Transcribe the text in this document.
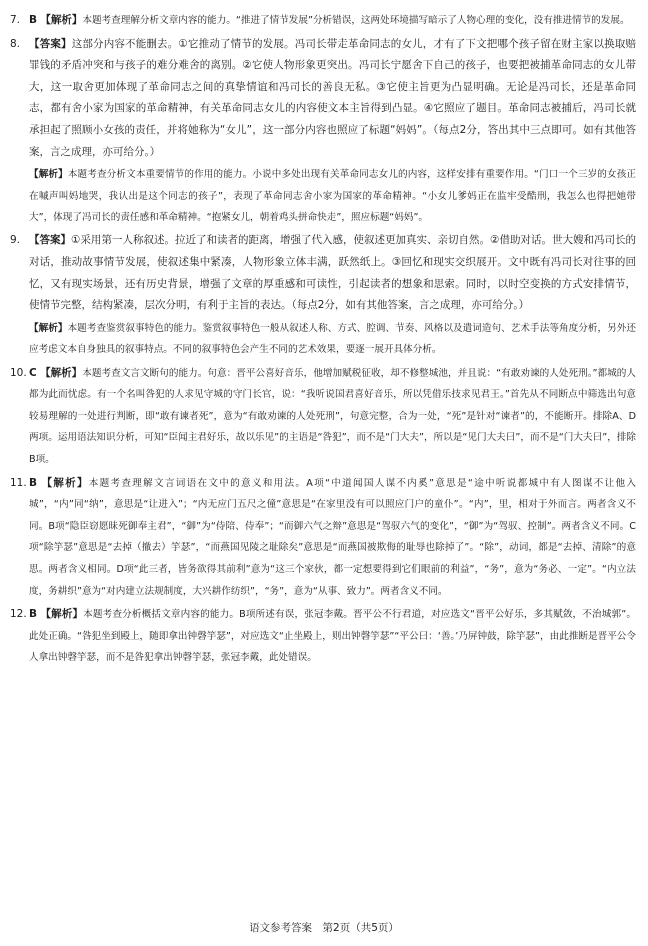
7. B 【解析】本题考查理解分析文章内容的能力。“推进了情节发展”分析错误，这两处环境描写暗示了人物心理的变化，没有推进情节的发展。
8. 【答案】这部分内容不能删去。①它推动了情节的发展。冯司长带走革命同志的女儿，才有了下文把哪个孩子留在财主家以换取赔罪钱的矛盾冲突和与孩子的难分难舍的离别。②它使人物形象更突出。冯司长宁愿舍下自己的孩子，也要把被捕革命同志的女儿带大，这一取舍更加体现了革命同志之间的真挚情谊和冯司长的善良无私。③它使主旨更为凸显明确。无论是冯司长，还是革命同志，都有舍小家为国家的革命精神，有关革命同志女儿的内容使文本主旨得到凸显。④它照应了题目。革命同志被捕后，冯司长就承担起了照顾小女孩的责任，并将她称为“女儿”，这一部分内容也照应了标题“妈妈”。（每点2分，答出其中三点即可。如有其他答案，言之成理，亦可给分。）
【解析】本题考查分析文本重要情节的作用的能力。小说中多处出现有关革命同志女儿的内容，这样安排有重要作用。“门口一个三岁的女孩正在嘁声叫妈地哭，我认出是这个同志的孩子”，表现了革命同志舍小家为国家的革命精神。“小女儿爹妈正在监牢受酷刑，我怎么也得把她带大”，体现了冯司长的责任感和革命精神。“抱紧女儿，朝着鸡头拼命快走”，照应标题“妈妈”。
9. 【答案】①采用第一人称叙述。拉近了和读者的距离，增强了代入感，使叙述更加真实、亲切自然。②借助对话。世大嫂和冯司长的对话，推动故事情节发展，使叙述集中紧凑，人物形象立体丰满，跃然纸上。③回忆和现实交织展开。文中既有冯司长对往事的回忆，又有现实场景，还有历史背景，增强了文章的厚重感和可读性，引起读者的想象和思索。同时，以时空变换的方式安排情节，使情节完整，结构紧凑，层次分明，有利于主旨的表达。（每点2分，如有其他答案，言之成理，亦可给分。）
【解析】本题考查鉴赏叙事特色的能力。鉴赏叙事特色一般从叙述人称、方式、腔调、节奏、风格以及遣词造句、艺术手法等角度分析，另外还应考虑文本自身独具的叙事特点。不同的叙事特色会产生不同的艺术效果，要逐一展开具体分析。
10. C 【解析】本题考查文言文断句的能力。句意：晋平公喜好音乐，他增加赋税征收，却不修整城池，并且说：“有敢劝谏的人处死刑。”都城的人都为此而忧虑。有一个名叫咎犯的人求见守城的守门长官，说：“我听说国君喜好音乐，所以凭借乐技求见君王。”首先从不同断点中筛选出句意较易理解的一处进行判断，即“敢有谏者死”，意为“有敢劝谏的人处死刑”，句意完整，合为一处，“死”是针对“谏者”的，不能断开。排除A、D两项。运用语法知识分析，可知“臣闻主君好乐，故以乐见”的主语是“咎犯”，而不是“门大夫”，所以是“见门大夫曰”，而不是“门大夫曰”，排除B项。
11. B 【解析】本题考查理解文言词语在文中的意义和用法。A项“中道闻国人谋不内奚”意思是“途中听说都城中有人图谋不让他入城”，“内”同“纳”，意思是“让进入”；“内无应门五尺之僮”意思是“在家里没有可以照应门户的童仆”。“内”，里，相对于外而言。两者含义不同。B项“隐臣窃愿昧死御奉主君”，“御”为“侍陪、侍奉”；“而御六气之辩”意思是“驾驭六气的变化”，“御”为“驾驭、控制”。两者含义不同。C项“除竽瑟”意思是“去掉（撤去）竽瑟”，“而燕国见陵之耻除矣”意思是“而燕国被欺侮的耻辱也除掉了”。“除”，动词，都是“去掉、清除”的意思。两者含义相同。D项“此三者，皆务欲得其前利”意为“这三个家伙，都一定想要得到它们眼前的利益”，“务”，意为“务必、一定”。“内立法度，务耕织”意为“对内建立法规制度，大兴耕作纺织”，“务”，意为“从事、致力”。两者含义不同。
12. B 【解析】本题考查分析概括文章内容的能力。B项所述有误，张冠李戴。晋平公不行君道，对应选文“晋平公好乐，多其赋敛，不治城郭”。此处正确。“咎犯坐到殿上，随即拿出钟磬竽瑟”，对应选文“止坐殿上，则出钟磬竽瑟”“平公曰：‘善。’乃屏钟鼓，除竽瑟”，由此推断是晋平公令人拿出钟磬竽瑟，而不是咎犯拿出钟磬竽瑟，张冠李戴，此处错误。
语文参考答案　第2页（共5页）
